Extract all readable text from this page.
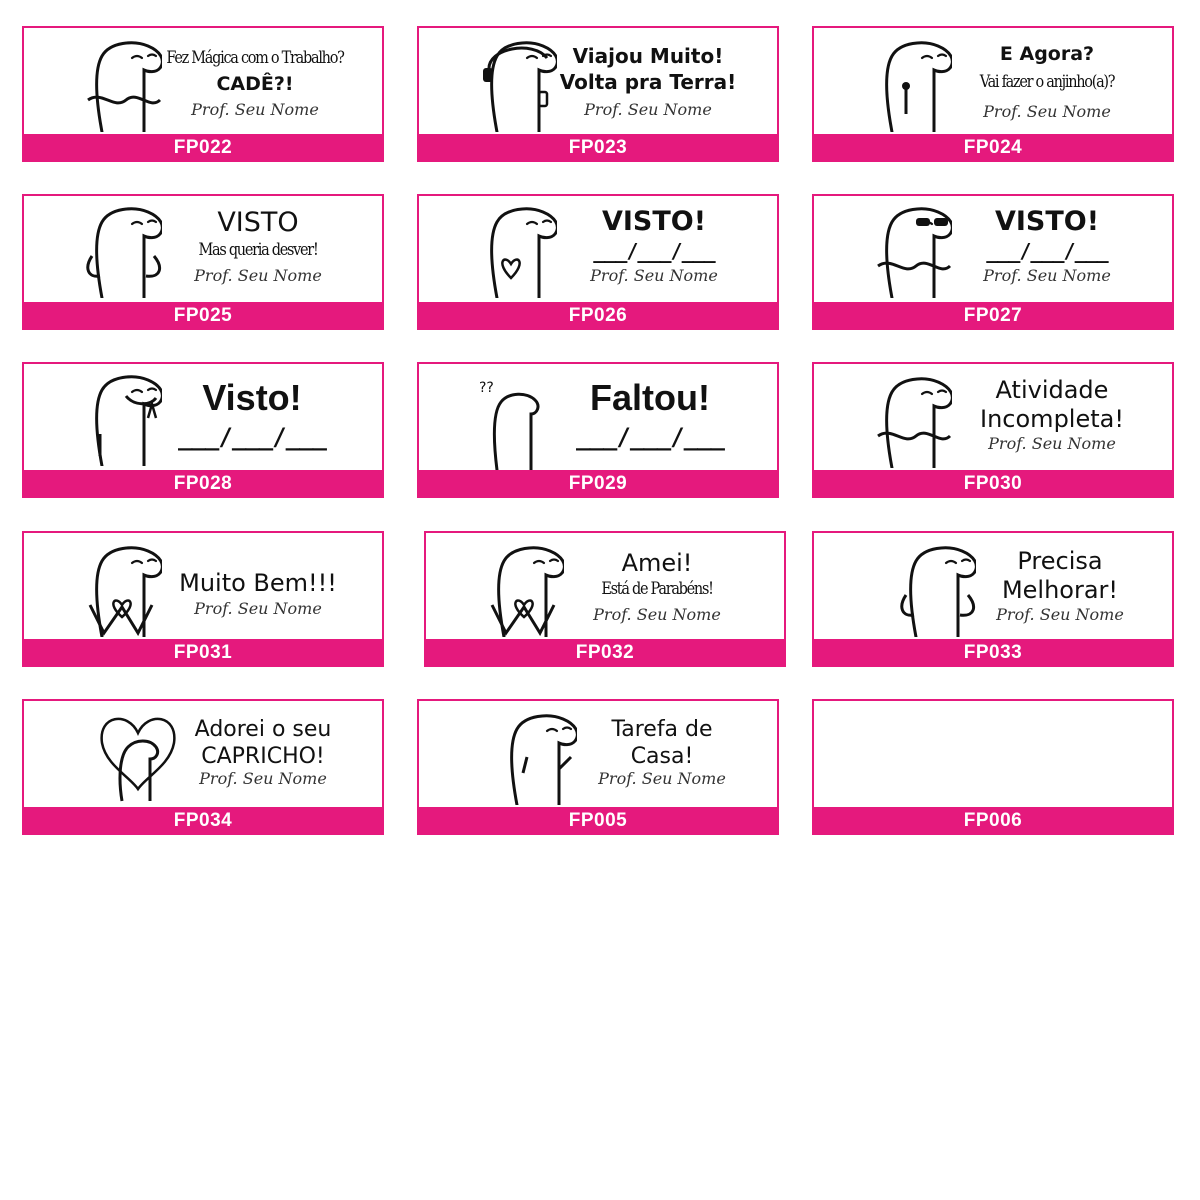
Fez Mágica com o Trabalho?
CADÊ?!
Prof. Seu Nome
FP022
Viajou Muito!
Volta pra Terra!
Prof. Seu Nome
FP023
E Agora?
Vai fazer o anjinho(a)?
Prof. Seu Nome
FP024
VISTO
Mas queria desver!
Prof. Seu Nome
FP025
VISTO!
___/___/___
Prof. Seu Nome
FP026
VISTO!
___/___/___
Prof. Seu Nome
FP027
Visto!
___/___/___
FP028
??	Faltou!
___/___/___
FP029
Atividade
Incompleta!
Prof. Seu Nome
FP030
Muito Bem!!!
Prof. Seu Nome
FP031
Amei!
Está de Parabéns!
Prof. Seu Nome
FP032
Precisa
Melhorar!
Prof. Seu Nome
FP033
Adorei o seu
CAPRICHO!
Prof. Seu Nome
FP034
Tarefa de
Casa!
Prof. Seu Nome
FP005	FP006
